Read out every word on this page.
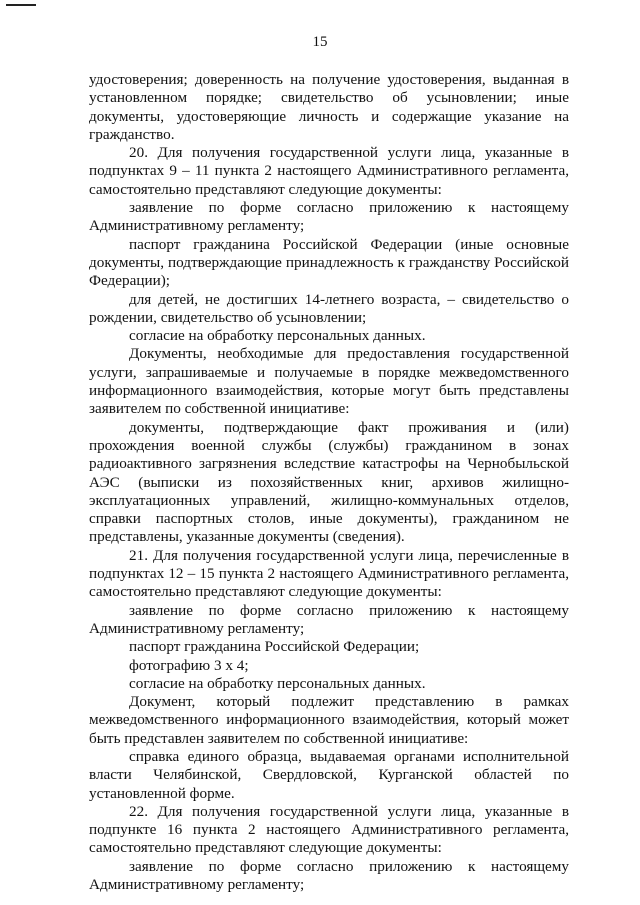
15

удостоверения; доверенность на получение удостоверения, выданная в установленном порядке; свидетельство об усыновлении; иные документы, удостоверяющие личность и содержащие указание на гражданство.

20. Для получения государственной услуги лица, указанные в подпунктах 9 – 11 пункта 2 настоящего Административного регламента, самостоятельно представляют следующие документы:

заявление по форме согласно приложению к настоящему Административному регламенту;

паспорт гражданина Российской Федерации (иные основные документы, подтверждающие принадлежность к гражданству Российской Федерации);

для детей, не достигших 14-летнего возраста, – свидетельство о рождении, свидетельство об усыновлении;

согласие на обработку персональных данных.

Документы, необходимые для предоставления государственной услуги, запрашиваемые и получаемые в порядке межведомственного информационного взаимодействия, которые могут быть представлены заявителем по собственной инициативе:

документы, подтверждающие факт проживания и (или) прохождения военной службы (службы) гражданином в зонах радиоактивного загрязнения вследствие катастрофы на Чернобыльской АЭС (выписки из похозяйственных книг, архивов жилищно-эксплуатационных управлений, жилищно-коммунальных отделов, справки паспортных столов, иные документы), гражданином не представлены, указанные документы (сведения).

21. Для получения государственной услуги лица, перечисленные в подпунктах 12 – 15 пункта 2 настоящего Административного регламента, самостоятельно представляют следующие документы:

заявление по форме согласно приложению к настоящему Административному регламенту;

паспорт гражданина Российской Федерации;

фотографию 3 х 4;

согласие на обработку персональных данных.

Документ, который подлежит представлению в рамках межведомственного информационного взаимодействия, который может быть представлен заявителем по собственной инициативе:

справка единого образца, выдаваемая органами исполнительной власти Челябинской, Свердловской, Курганской областей по установленной форме.

22. Для получения государственной услуги лица, указанные в подпункте 16 пункта 2 настоящего Административного регламента, самостоятельно представляют следующие документы:

заявление по форме согласно приложению к настоящему Административному регламенту;
